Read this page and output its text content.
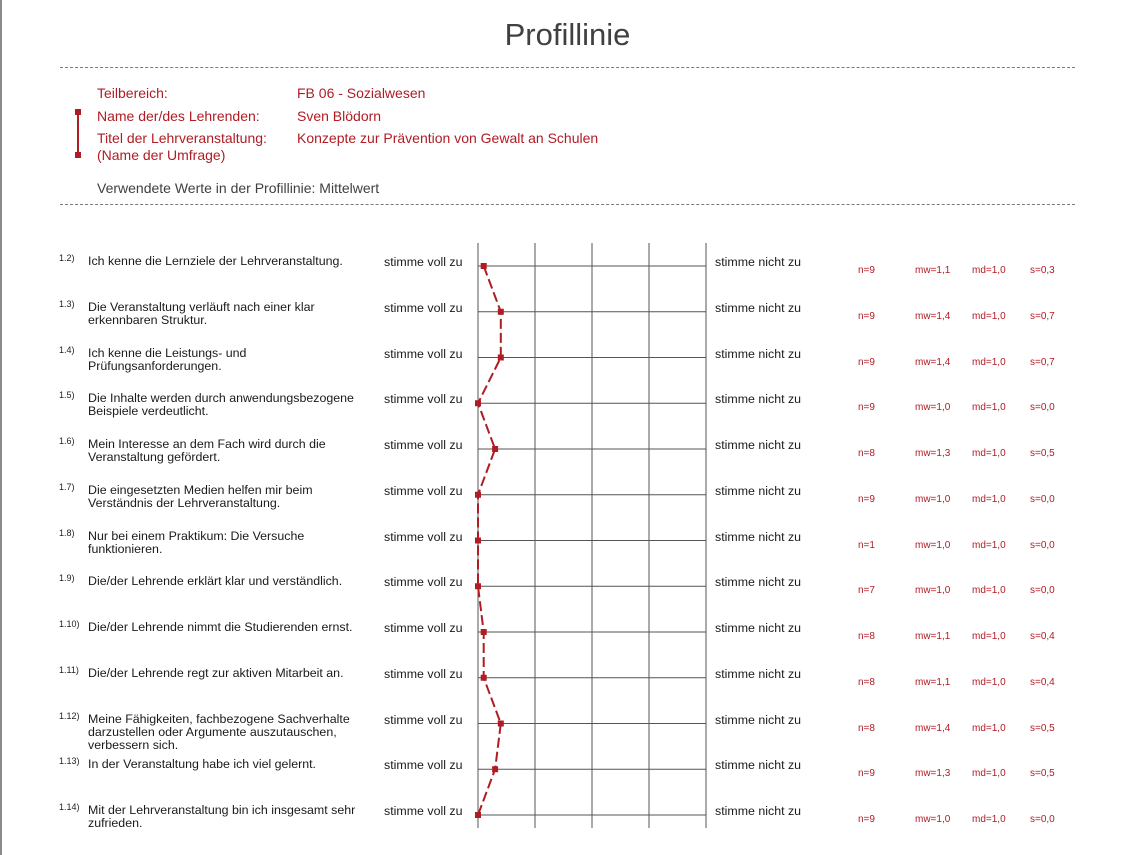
Profillinie
Teilbereich:	FB 06 - Sozialwesen
Name der/des Lehrenden:	Sven Blödorn
Titel der Lehrveranstaltung:
(Name der Umfrage)
Konzepte zur Prävention von Gewalt an Schulen
Verwendete Werte in der Profillinie: Mittelwert
1.2) Ich kenne die Lernziele der Lehrveranstaltung.	stimme voll zu	stimme nicht zu
n=9	mw=1,1 md=1,0 s=0,3
1.3) Die Veranstaltung verläuft nach einer klar erkennbaren Struktur.
stimme voll zu	stimme nicht zu
n=9	mw=1,4 md=1,0 s=0,7
1.4) Ich kenne die Leistungs- und Prüfungsanforderungen.
stimme voll zu	stimme nicht zu
n=9	mw=1,4 md=1,0 s=0,7
1.5) Die Inhalte werden durch anwendungsbezogene Beispiele verdeutlicht.
stimme voll zu	stimme nicht zu
n=9	mw=1,0 md=1,0 s=0,0
1.6) Mein Interesse an dem Fach wird durch die Veranstaltung gefördert.
stimme voll zu	stimme nicht zu
n=8	mw=1,3 md=1,0 s=0,5
1.7) Die eingesetzten Medien helfen mir beim Verständnis der Lehrveranstaltung.
stimme voll zu	stimme nicht zu
n=9	mw=1,0 md=1,0 s=0,0
1.8) Nur bei einem Praktikum: Die Versuche funktionieren.
stimme voll zu	stimme nicht zu
n=1	mw=1,0 md=1,0 s=0,0
1.9) Die/der Lehrende erklärt klar und verständlich.	stimme voll zu	stimme nicht zu
n=7	mw=1,0 md=1,0 s=0,0
1.10) Die/der Lehrende nimmt die Studierenden ernst.	stimme voll zu	stimme nicht zu
n=8	mw=1,1 md=1,0 s=0,4
1.11) Die/der Lehrende regt zur aktiven Mitarbeit an.	stimme voll zu	stimme nicht zu
n=8	mw=1,1 md=1,0 s=0,4
1.12) Meine Fähigkeiten, fachbezogene Sachverhalte darzustellen oder Argumente auszutauschen, verbessern sich.
stimme voll zu	stimme nicht zu
n=8	mw=1,4 md=1,0 s=0,5
1.13) In der Veranstaltung habe ich viel gelernt.	stimme voll zu	stimme nicht zu
n=9	mw=1,3 md=1,0 s=0,5
1.14) Mit der Lehrveranstaltung bin ich insgesamt sehr zufrieden.
stimme voll zu	stimme nicht zu
n=9	mw=1,0 md=1,0 s=0,0
